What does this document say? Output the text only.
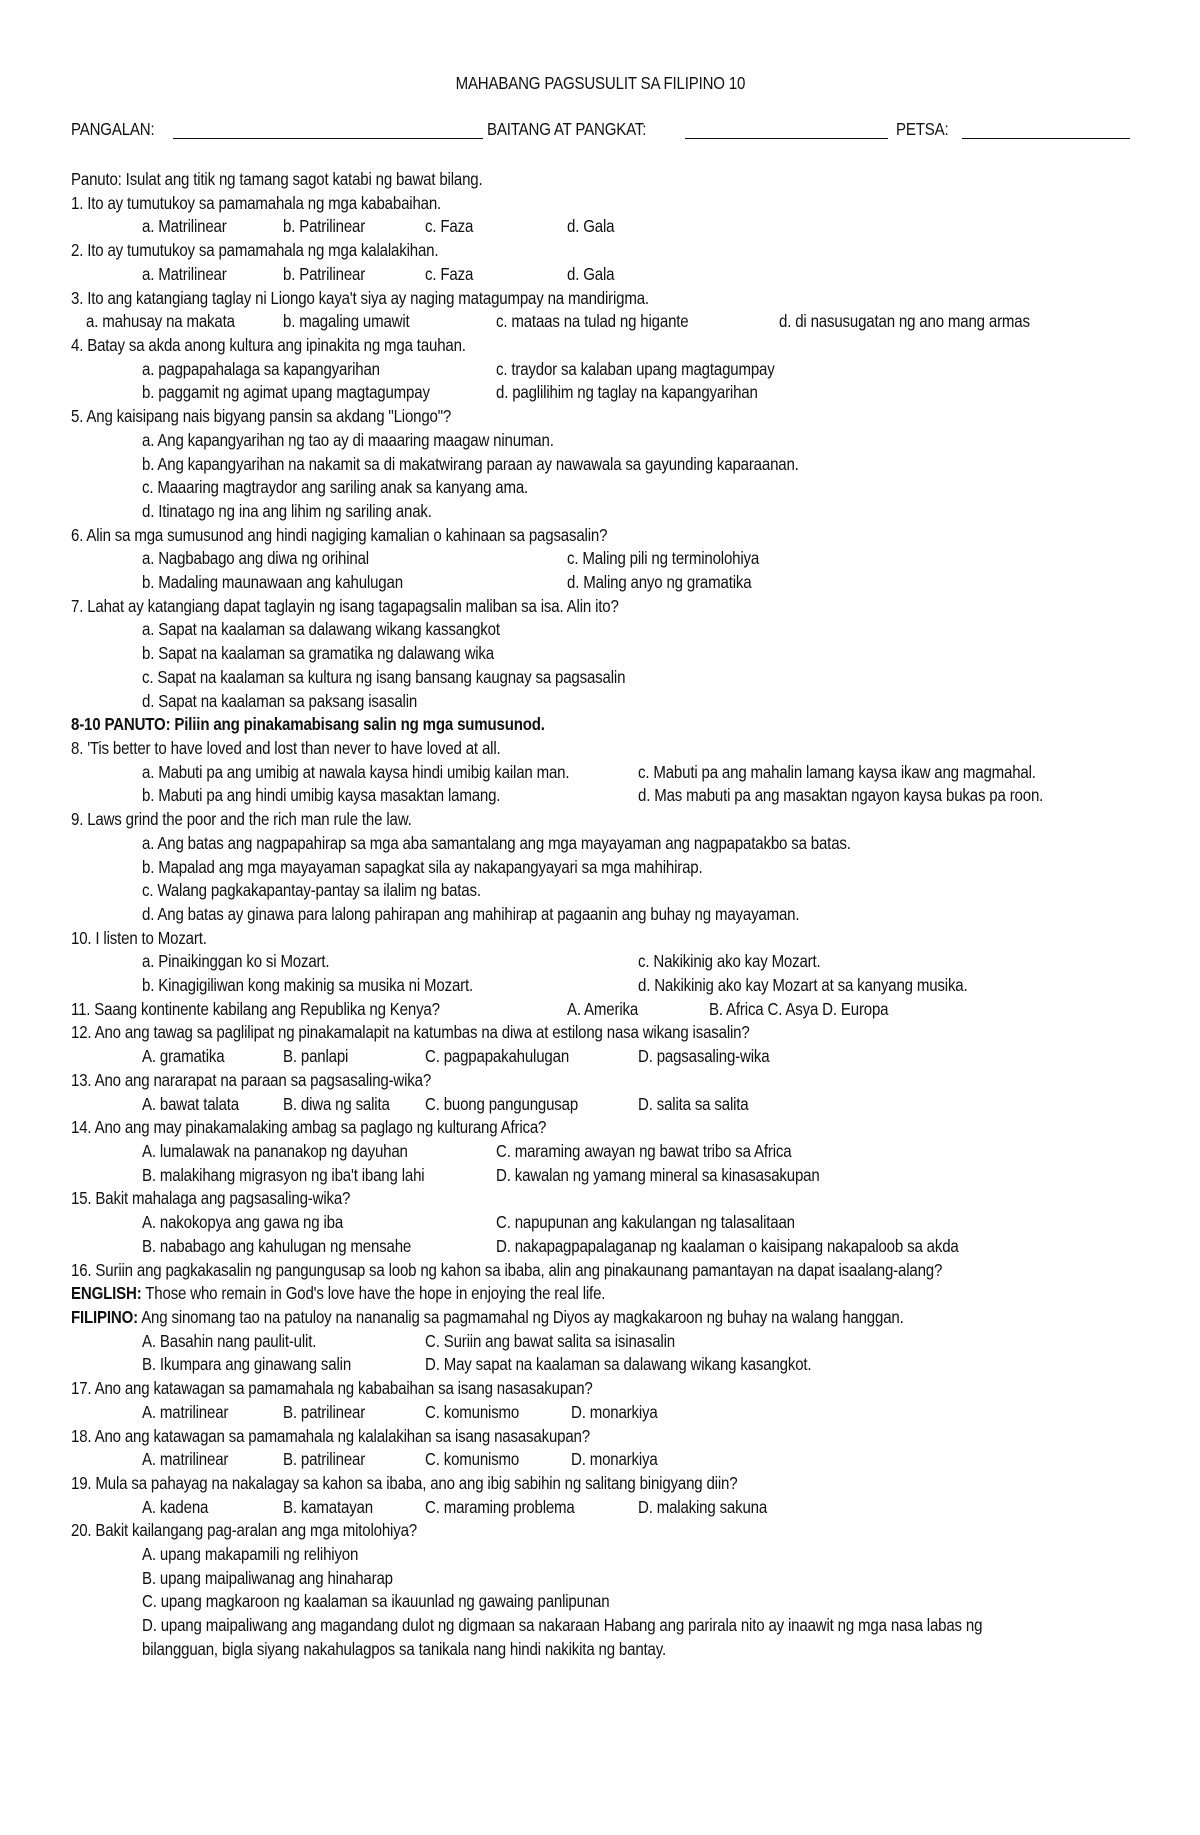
MAHABANG PAGSUSULIT SA FILIPINO 10
PANGALAN:	BAITANG AT PANGKAT:	PETSA:
Panuto: Isulat ang titik ng tamang sagot katabi ng bawat bilang.
1. Ito ay tumutukoy sa pamamahala ng mga kababaihan.
a. Matrilinear	b. Patrilinear	c. Faza	d. Gala
2. Ito ay tumutukoy sa pamamahala ng mga kalalakihan.
a. Matrilinear	b. Patrilinear	c. Faza	d. Gala
3. Ito ang katangiang taglay ni Liongo kaya't siya ay naging matagumpay na mandirigma.
a. mahusay na makata	b. magaling umawit	c. mataas na tulad ng higante	d. di nasusugatan ng ano mang armas
4. Batay sa akda anong kultura ang ipinakita ng mga tauhan.
a. pagpapahalaga sa kapangyarihan	c. traydor sa kalaban upang magtagumpay
b. paggamit ng agimat upang magtagumpay	d. paglilihim ng taglay na kapangyarihan
5. Ang kaisipang nais bigyang pansin sa akdang "Liongo"?
a. Ang kapangyarihan ng tao ay di maaaring maagaw ninuman.
b. Ang kapangyarihan na nakamit sa di makatwirang paraan ay nawawala sa gayunding kaparaanan.
c. Maaaring magtraydor ang sariling anak sa kanyang ama.
d. Itinatago ng ina ang lihim ng sariling anak.
6. Alin sa mga sumusunod ang hindi nagiging kamalian o kahinaan sa pagsasalin?
a. Nagbabago ang diwa ng orihinal	c. Maling pili ng terminolohiya
b. Madaling maunawaan ang kahulugan	d. Maling anyo ng gramatika
7. Lahat ay katangiang dapat taglayin ng isang tagapagsalin maliban sa isa. Alin ito?
a. Sapat na kaalaman sa dalawang wikang kassangkot
b. Sapat na kaalaman sa gramatika ng dalawang wika
c. Sapat na kaalaman sa kultura ng isang bansang kaugnay sa pagsasalin
d. Sapat na kaalaman sa paksang isasalin
8-10 PANUTO: Piliin ang pinakamabisang salin ng mga sumusunod.
8. 'Tis better to have loved and lost than never to have loved at all.
a. Mabuti pa ang umibig at nawala kaysa hindi umibig kailan man.	c. Mabuti pa ang mahalin lamang kaysa ikaw ang magmahal.
b. Mabuti pa ang hindi umibig kaysa masaktan lamang.	d. Mas mabuti pa ang masaktan ngayon kaysa bukas pa roon.
9. Laws grind the poor and the rich man rule the law.
a. Ang batas ang nagpapahirap sa mga aba samantalang ang mga mayayaman ang nagpapatakbo sa batas.
b. Mapalad ang mga mayayaman sapagkat sila ay nakapangyayari sa mga mahihirap.
c. Walang pagkakapantay-pantay sa ilalim ng batas.
d. Ang batas ay ginawa para lalong pahirapan ang mahihirap at pagaanin ang buhay ng mayayaman.
10. I listen to Mozart.
a. Pinaikinggan ko si Mozart.	c. Nakikinig ako kay Mozart.
b. Kinagigiliwan kong makinig sa musika ni Mozart.	d. Nakikinig ako kay Mozart at sa kanyang musika.
11. Saang kontinente kabilang ang Republika ng Kenya?	A. Amerika	B. Africa C. Asya D. Europa
12. Ano ang tawag sa paglilipat ng pinakamalapit na katumbas na diwa at estilong nasa wikang isasalin?
A. gramatika	B. panlapi	C. pagpapakahulugan	D. pagsasaling-wika
13. Ano ang nararapat na paraan sa pagsasaling-wika?
A. bawat talata	B. diwa ng salita C. buong pangungusap	D. salita sa salita
14. Ano ang may pinakamalaking ambag sa paglago ng kulturang Africa?
A. lumalawak na pananakop ng dayuhan	C. maraming awayan ng bawat tribo sa Africa
B. malakihang migrasyon ng iba't ibang lahi	D. kawalan ng yamang mineral sa kinasasakupan
15. Bakit mahalaga ang pagsasaling-wika?
A. nakokopya ang gawa ng iba	C. napupunan ang kakulangan ng talasalitaan
B. nababago ang kahulugan ng mensahe	D. nakapagpapalaganap ng kaalaman o kaisipang nakapaloob sa akda
16. Suriin ang pagkakasalin ng pangungusap sa loob ng kahon sa ibaba, alin ang pinakaunang pamantayan na dapat isaalang-alang?
ENGLISH: Those who remain in God's love have the hope in enjoying the real life.
FILIPINO: Ang sinomang tao na patuloy na nananalig sa pagmamahal ng Diyos ay magkakaroon ng buhay na walang hanggan.
A. Basahin nang paulit-ulit.	C. Suriin ang bawat salita sa isinasalin
B. Ikumpara ang ginawang salin	D. May sapat na kaalaman sa dalawang wikang kasangkot.
17. Ano ang katawagan sa pamamahala ng kababaihan sa isang nasasakupan?
A. matrilinear	B. patrilinear	C. komunismo	D. monarkiya
18. Ano ang katawagan sa pamamahala ng kalalakihan sa isang nasasakupan?
A. matrilinear	B. patrilinear	C. komunismo	D. monarkiya
19. Mula sa pahayag na nakalagay sa kahon sa ibaba, ano ang ibig sabihin ng salitang binigyang diin?
A. kadena	B. kamatayan	C. maraming problema	D. malaking sakuna
20. Bakit kailangang pag-aralan ang mga mitolohiya?
A. upang makapamili ng relihiyon
B. upang maipaliwanag ang hinaharap
C. upang magkaroon ng kaalaman sa ikauunlad ng gawaing panlipunan
D. upang maipaliwang ang magandang dulot ng digmaan sa nakaraan Habang ang parirala nito ay inaawit ng mga nasa labas ng
bilangguan, bigla siyang nakahulagpos sa tanikala nang hindi nakikita ng bantay.
